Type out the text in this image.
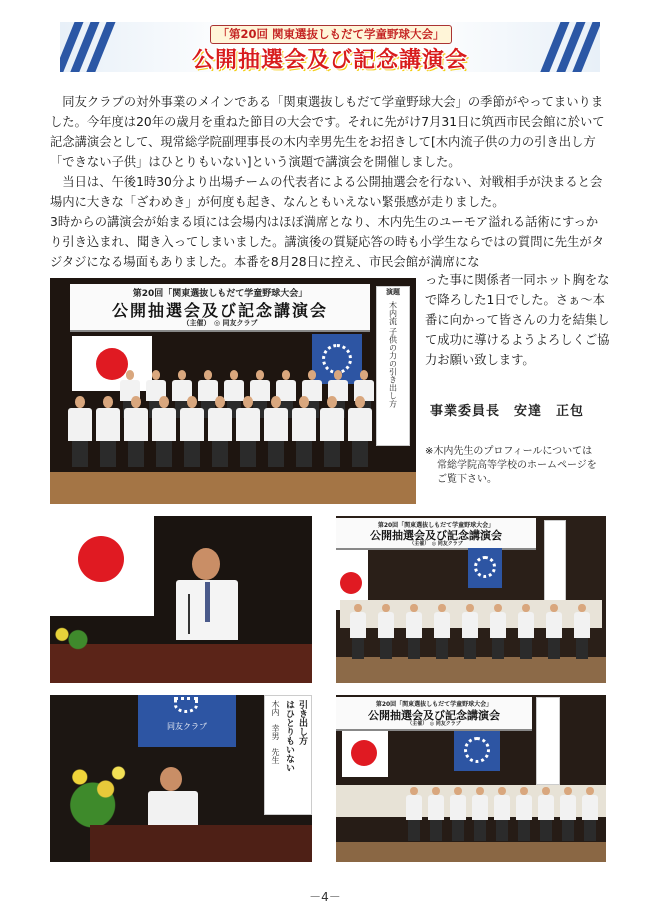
「第20回 関東選抜しもだて学童野球大会」
公開抽選会及び記念講演会

同友クラブの対外事業のメインである「関東選抜しもだて学童野球大会」の季節がやってまいりました。今年度は20年の歳月を重ねた節目の大会です。それに先がけ7月31日に筑西市民会館に於いて記念講演会として、現常総学院副理事長の木内幸男先生をお招きして[木内流子供の力の引き出し方「できない子供」はひとりもいない]という演題で講演会を開催しました。

当日は、午後1時30分より出場チームの代表者による公開抽選会を行ない、対戦相手が決まると会場内に大きな「ざわめき」が何度も起き、なんともいえない緊張感が走りました。

3時からの講演会が始まる頃には会場内はほぼ満席となり、木内先生のユーモア溢れる話術にすっかり引き込まれ、聞き入ってしまいました。講演後の質疑応答の時も小学生ならではの質問に先生がタジタジになる場面もありました。本番を8月28日に控え、市民会館が満席にな

った事に関係者一同ホット胸をなで降ろした1日でした。さぁ～本番に向かって皆さんの力を結集して成功に導けるようよろしくご協力お願い致します。
事業委員長　安達　正包
※木内先生のプロフィールについては
常総学院高等学校のホームページを
ご覧下さい。
第20回「関東選抜しもだて学童野球大会」
公開抽選会及び記念講演会
（主催）　◎ 同友クラブ
演題
木内流 子供の力の引き出し方
第20回「関東選抜しもだて学童野球大会」
公開抽選会及び記念講演会
（主催）　◎ 同友クラブ
同友クラブ	引き出し方
はひとりもいない
木内　幸男　先生	第20回「関東選抜しもだて学童野球大会」
公開抽選会及び記念講演会
（主催）　◎ 同友クラブ
－4－
